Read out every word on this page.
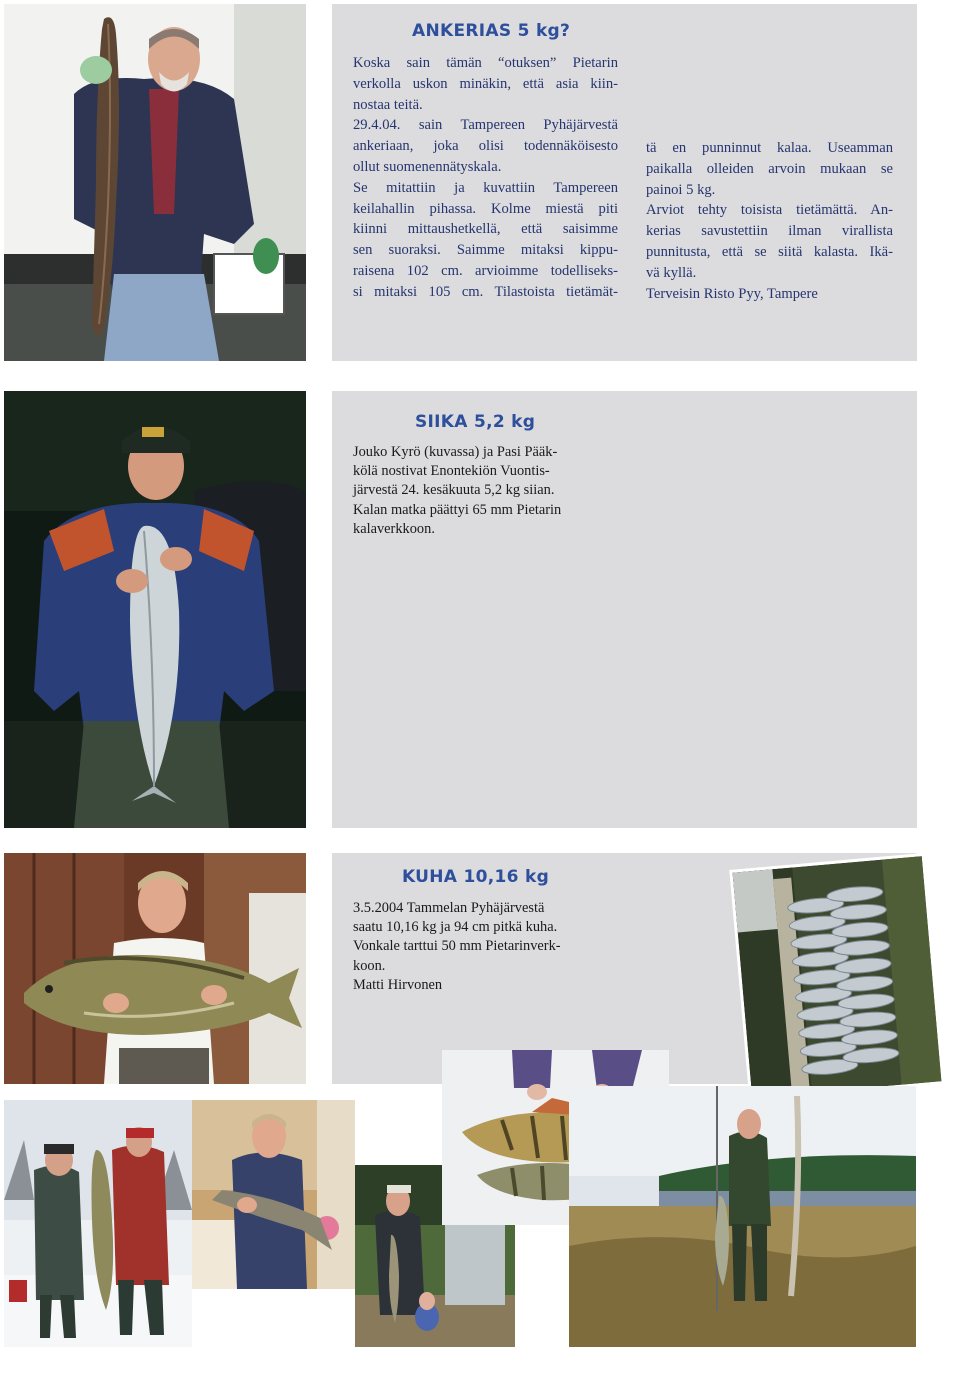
ANKERIAS 5 kg?

Koska sain tämän “otuksen” Pietarin

verkolla uskon minäkin, että asia kiin-

nostaa teitä.

29.4.04. sain Tampereen Pyhäjärvestä

ankeriaan, joka olisi todennäköisesto

ollut suomenennätyskala.

Se mitattiin ja kuvattiin Tampereen

keilahallin pihassa. Kolme miestä piti

kiinni mittaushetkellä, että saisimme

sen suoraksi. Saimme mitaksi kippu-

raisena 102 cm. arvioimme todelliseks-

si mitaksi 105 cm. Tilastoista tietämät-

tä en punninnut kalaa. Useamman

paikalla olleiden arvoin mukaan se

painoi 5 kg.

Arviot tehty toisista tietämättä. An-

kerias savustettiin ilman virallista

punnitusta, että se siitä kalasta. Ikä-

vä kyllä.

Terveisin Risto Pyy, Tampere

SIIKA 5,2 kg

Jouko Kyrö (kuvassa) ja Pasi Pääk-

kölä nostivat Enontekiön Vuontis-

järvestä 24. kesäkuuta 5,2 kg siian.

Kalan matka päättyi 65 mm Pietarin

kalaverkkoon.

KUHA 10,16 kg

3.5.2004 Tammelan Pyhäjärvestä

saatu 10,16 kg ja 94 cm pitkä kuha.

Vonkale tarttui 50 mm Pietarinverk-

koon.

Matti Hirvonen
